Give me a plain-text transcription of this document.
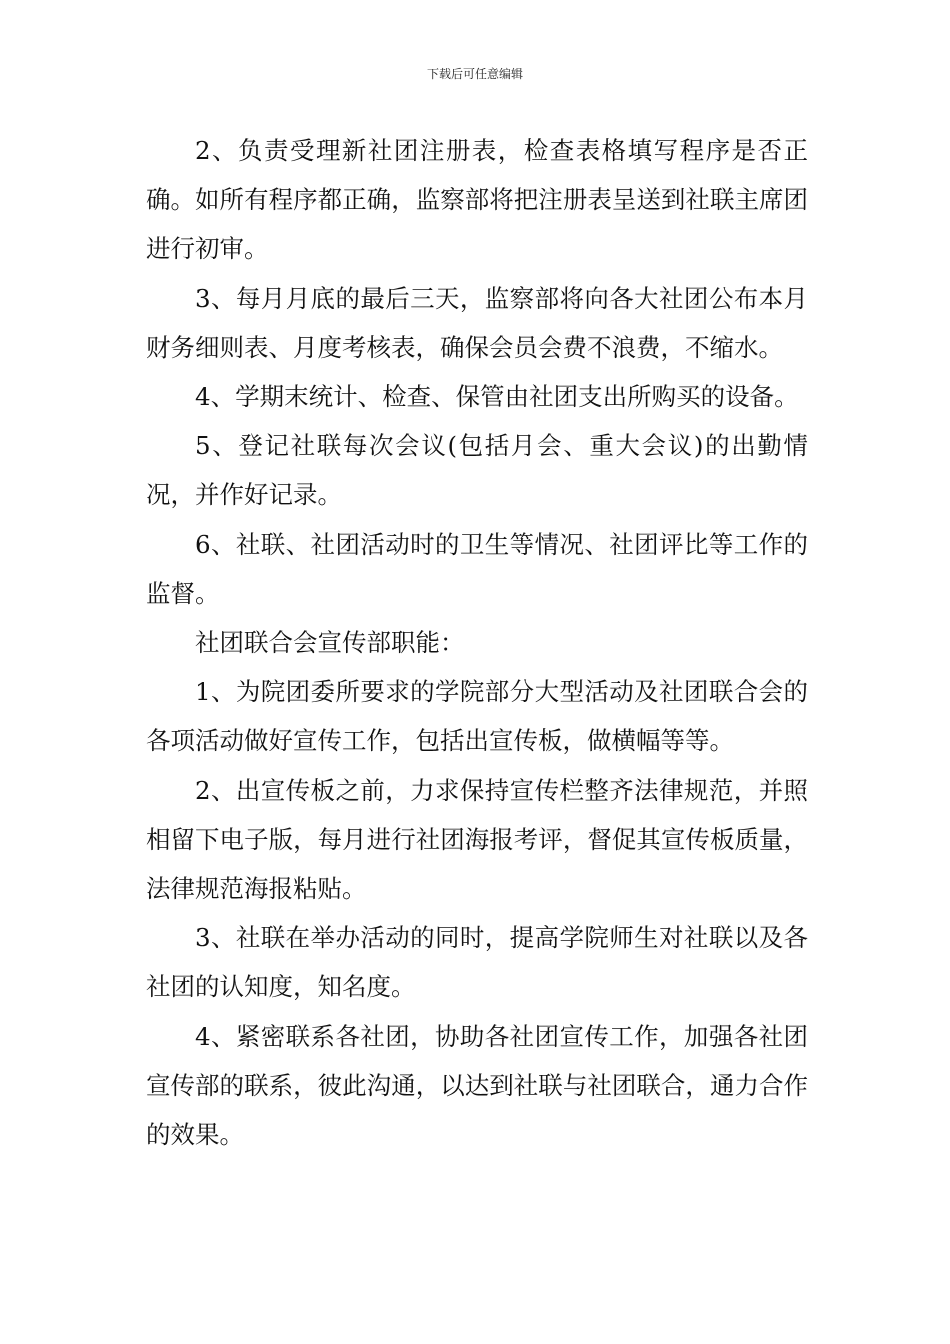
下载后可任意编辑

2、负责受理新社团注册表，检查表格填写程序是否正确。如所有程序都正确，监察部将把注册表呈送到社联主席团进行初审。

3、每月月底的最后三天，监察部将向各大社团公布本月财务细则表、月度考核表，确保会员会费不浪费，不缩水。

4、学期末统计、检查、保管由社团支出所购买的设备。

5、登记社联每次会议(包括月会、重大会议)的出勤情况，并作好记录。

6、社联、社团活动时的卫生等情况、社团评比等工作的监督。

社团联合会宣传部职能：

1、为院团委所要求的学院部分大型活动及社团联合会的各项活动做好宣传工作，包括出宣传板，做横幅等等。

2、出宣传板之前，力求保持宣传栏整齐法律规范，并照相留下电子版，每月进行社团海报考评，督促其宣传板质量，法律规范海报粘贴。

3、社联在举办活动的同时，提高学院师生对社联以及各社团的认知度，知名度。

4、紧密联系各社团，协助各社团宣传工作，加强各社团宣传部的联系，彼此沟通，以达到社联与社团联合，通力合作的效果。
